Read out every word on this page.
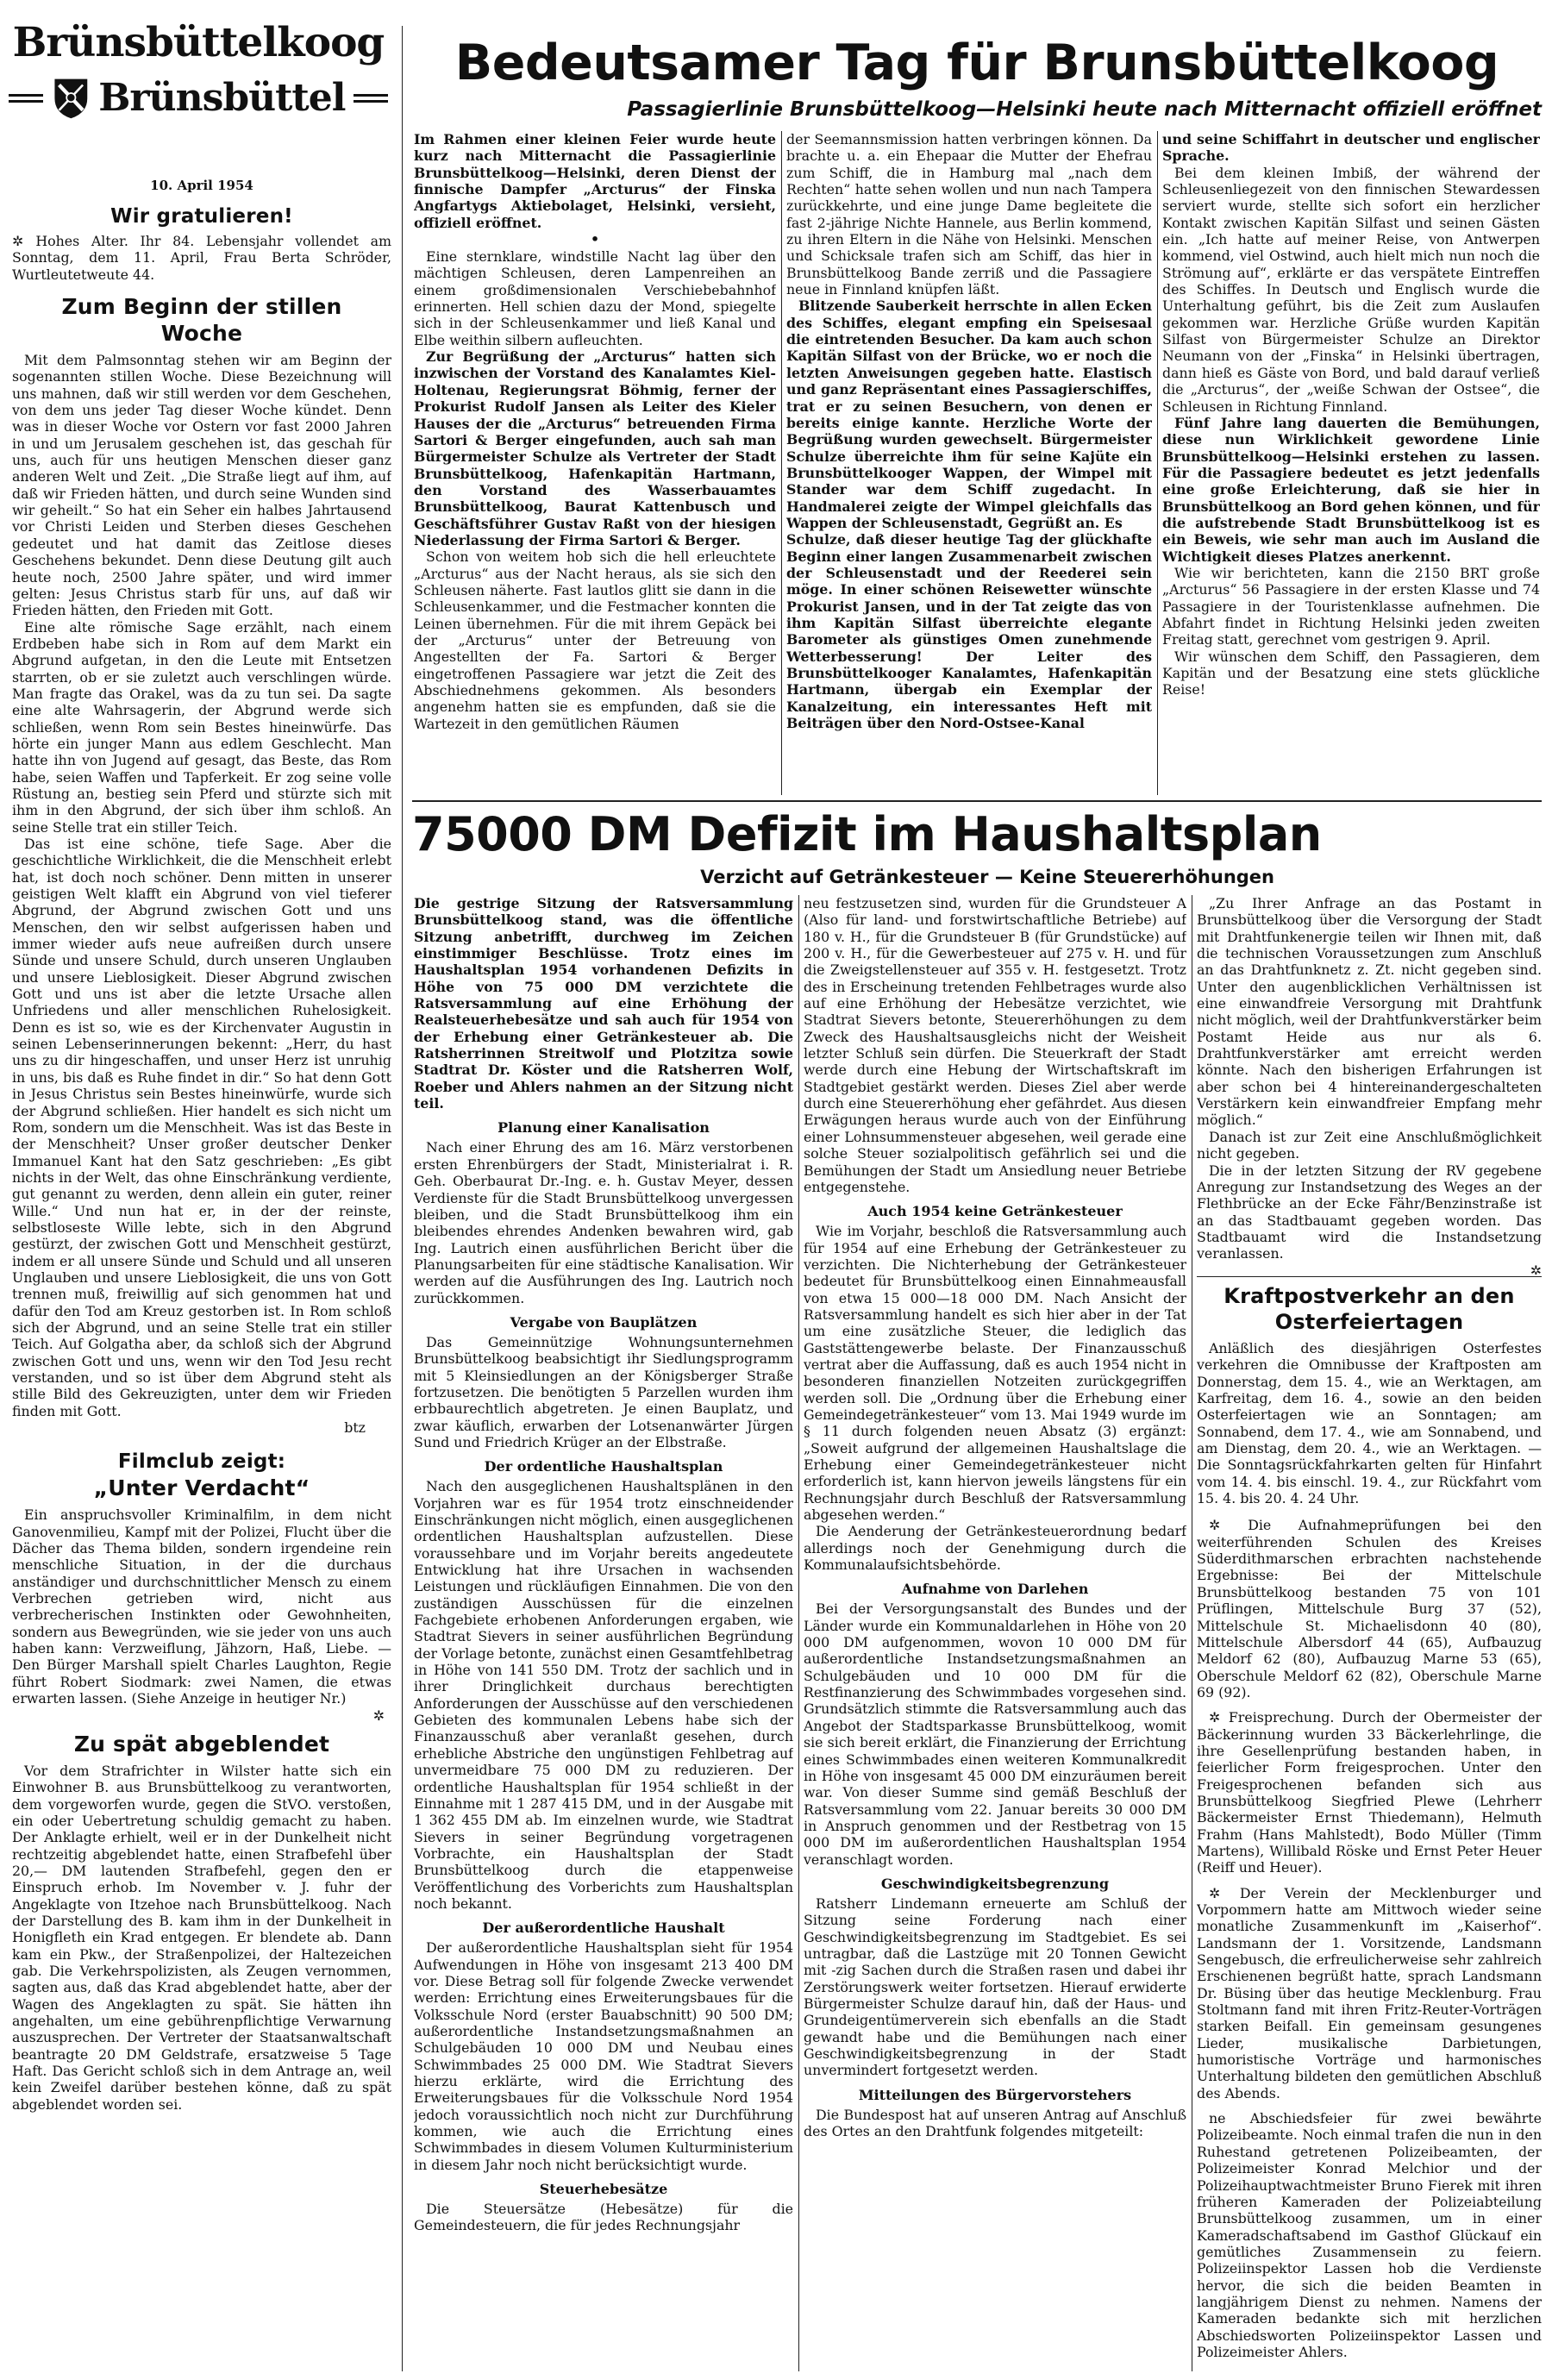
Brünsbüttelkoog
Brünsbüttel
10. April 1954
Wir gratulieren!
✲ Hohes Alter. Ihr 84. Lebensjahr vollendet am Sonntag, dem 11. April, Frau Berta Schröder, Wurtleutetweute 44.
Zum Beginn der stillen Woche
Mit dem Palmsonntag stehen wir am Beginn der sogenannten stillen Woche. Diese Bezeichnung will uns mahnen, daß wir still werden vor dem Geschehen, von dem uns jeder Tag dieser Woche kündet. Denn was in dieser Woche vor Ostern vor fast 2000 Jahren in und um Jerusalem geschehen ist, das geschah für uns, auch für uns heutigen Menschen dieser ganz anderen Welt und Zeit. „Die Straße liegt auf ihm, auf daß wir Frieden hätten, und durch seine Wunden sind wir geheilt.“ So hat ein Seher ein halbes Jahrtausend vor Christi Leiden und Sterben dieses Geschehen gedeutet und hat damit das Zeitlose dieses Geschehens bekundet. Denn diese Deutung gilt auch heute noch, 2500 Jahre später, und wird immer gelten: Jesus Christus starb für uns, auf daß wir Frieden hätten, den Frieden mit Gott.
Eine alte römische Sage erzählt, nach einem Erdbeben habe sich in Rom auf dem Markt ein Abgrund aufgetan, in den die Leute mit Entsetzen starrten, ob er sie zuletzt auch verschlingen würde. Man fragte das Orakel, was da zu tun sei. Da sagte eine alte Wahrsagerin, der Abgrund werde sich schließen, wenn Rom sein Bestes hineinwürfe. Das hörte ein junger Mann aus edlem Geschlecht. Man hatte ihn von Jugend auf gesagt, das Beste, das Rom habe, seien Waffen und Tapferkeit. Er zog seine volle Rüstung an, bestieg sein Pferd und stürzte sich mit ihm in den Abgrund, der sich über ihm schloß. An seine Stelle trat ein stiller Teich.
Das ist eine schöne, tiefe Sage. Aber die geschichtliche Wirklichkeit, die die Menschheit erlebt hat, ist doch noch schöner. Denn mitten in unserer geistigen Welt klafft ein Abgrund von viel tieferer Abgrund, der Abgrund zwischen Gott und uns Menschen, den wir selbst aufgerissen haben und immer wieder aufs neue aufreißen durch unsere Sünde und unsere Schuld, durch unseren Unglauben und unsere Lieblosigkeit. Dieser Abgrund zwischen Gott und uns ist aber die letzte Ursache allen Unfriedens und aller menschlichen Ruhelosigkeit. Denn es ist so, wie es der Kirchenvater Augustin in seinen Lebenserinnerungen bekennt: „Herr, du hast uns zu dir hingeschaffen, und unser Herz ist unruhig in uns, bis daß es Ruhe findet in dir.“ So hat denn Gott in Jesus Christus sein Bestes hineinwürfe, wurde sich der Abgrund schließen. Hier handelt es sich nicht um Rom, sondern um die Menschheit. Was ist das Beste in der Menschheit? Unser großer deutscher Denker Immanuel Kant hat den Satz geschrieben: „Es gibt nichts in der Welt, das ohne Einschränkung verdiente, gut genannt zu werden, denn allein ein guter, reiner Wille.“ Und nun hat er, in der der reinste, selbstloseste Wille lebte, sich in den Abgrund gestürzt, der zwischen Gott und Menschheit gestürzt, indem er all unsere Sünde und Schuld und all unseren Unglauben und unsere Lieblosigkeit, die uns von Gott trennen muß, freiwillig auf sich genommen hat und dafür den Tod am Kreuz gestorben ist. In Rom schloß sich der Abgrund, und an seine Stelle trat ein stiller Teich. Auf Golgatha aber, da schloß sich der Abgrund zwischen Gott und uns, wenn wir den Tod Jesu recht verstanden, und so ist über dem Abgrund steht als stille Bild des Gekreuzigten, unter dem wir Frieden finden mit Gott.
btz
Filmclub zeigt:
„Unter Verdacht“
Ein anspruchsvoller Kriminalfilm, in dem nicht Ganovenmilieu, Kampf mit der Polizei, Flucht über die Dächer das Thema bilden, sondern irgendeine rein menschliche Situation, in der die durchaus anständiger und durchschnittlicher Mensch zu einem Verbrechen getrieben wird, nicht aus verbrecherischen Instinkten oder Gewohnheiten, sondern aus Bewegründen, wie sie jeder von uns auch haben kann: Verzweiflung, Jähzorn, Haß, Liebe. — Den Bürger Marshall spielt Charles Laughton, Regie führt Robert Siodmark: zwei Namen, die etwas erwarten lassen. (Siehe Anzeige in heutiger Nr.)
✲
Zu spät abgeblendet
Vor dem Strafrichter in Wilster hatte sich ein Einwohner B. aus Brunsbüttelkoog zu verantworten, dem vorgeworfen wurde, gegen die StVO. verstoßen, ein oder Uebertretung schuldig gemacht zu haben. Der Anklagte erhielt, weil er in der Dunkelheit nicht rechtzeitig abgeblendet hatte, einen Strafbefehl über 20,— DM lautenden Strafbefehl, gegen den er Einspruch erhob. Im November v. J. fuhr der Angeklagte von Itzehoe nach Brunsbüttelkoog. Nach der Darstellung des B. kam ihm in der Dunkelheit in Honigfleth ein Krad entgegen. Er blendete ab. Dann kam ein Pkw., der Straßenpolizei, der Haltezeichen gab. Die Verkehrspolizisten, als Zeugen vernommen, sagten aus, daß das Krad abgeblendet hatte, aber der Wagen des Angeklagten zu spät. Sie hätten ihn angehalten, um eine gebührenpflichtige Verwarnung auszusprechen. Der Vertreter der Staatsanwaltschaft beantragte 20 DM Geldstrafe, ersatzweise 5 Tage Haft. Das Gericht schloß sich in dem Antrage an, weil kein Zweifel darüber bestehen könne, daß zu spät abgeblendet worden sei.
Bedeutsamer Tag für Brunsbüttelkoog
Passagierlinie Brunsbüttelkoog—Helsinki heute nach Mitternacht offiziell eröffnet
Im Rahmen einer kleinen Feier wurde heute kurz nach Mitternacht die Passagierlinie Brunsbüttelkoog—Helsinki, deren Dienst der finnische Dampfer „Arcturus“ der Finska Angfartygs Aktiebolaget, Helsinki, versieht, offiziell eröffnet.
•
Eine sternklare, windstille Nacht lag über den mächtigen Schleusen, deren Lampenreihen an einem großdimensionalen Verschiebebahnhof erinnerten. Hell schien dazu der Mond, spiegelte sich in der Schleusenkammer und ließ Kanal und Elbe weithin silbern aufleuchten.
Zur Begrüßung der „Arcturus“ hatten sich inzwischen der Vorstand des Kanalamtes Kiel-Holtenau, Regierungsrat Böhmig, ferner der Prokurist Rudolf Jansen als Leiter des Kieler Hauses der die „Arcturus“ betreuenden Firma Sartori & Berger eingefunden, auch sah man Bürgermeister Schulze als Vertreter der Stadt Brunsbüttelkoog, Hafenkapitän Hartmann, den Vorstand des Wasserbauamtes Brunsbüttelkoog, Baurat Kattenbusch und Geschäftsführer Gustav Raßt von der hiesigen Niederlassung der Firma Sartori & Berger.
Schon von weitem hob sich die hell erleuchtete „Arcturus“ aus der Nacht heraus, als sie sich den Schleusen näherte. Fast lautlos glitt sie dann in die Schleusenkammer, und die Festmacher konnten die Leinen übernehmen. Für die mit ihrem Gepäck bei der „Arcturus“ unter der Betreuung von Angestellten der Fa. Sartori & Berger eingetroffenen Passagiere war jetzt die Zeit des Abschiednehmens gekommen. Als besonders angenehm hatten sie es empfunden, daß sie die Wartezeit in den gemütlichen Räumen
der Seemannsmission hatten verbringen können. Da brachte u. a. ein Ehepaar die Mutter der Ehefrau zum Schiff, die in Hamburg mal „nach dem Rechten“ hatte sehen wollen und nun nach Tampera zurückkehrte, und eine junge Dame begleitete die fast 2-jährige Nichte Hannele, aus Berlin kommend, zu ihren Eltern in die Nähe von Helsinki. Menschen und Schicksale trafen sich am Schiff, das hier in Brunsbüttelkoog Bande zerriß und die Passagiere neue in Finnland knüpfen läßt.
Blitzende Sauberkeit herrschte in allen Ecken des Schiffes, elegant empfing ein Speisesaal die eintretenden Besucher. Da kam auch schon Kapitän Silfast von der Brücke, wo er noch die letzten Anweisungen gegeben hatte. Elastisch und ganz Repräsentant eines Passagierschiffes, trat er zu seinen Besuchern, von denen er bereits einige kannte. Herzliche Worte der Begrüßung wurden gewechselt. Bürgermeister Schulze überreichte ihm für seine Kajüte ein Brunsbüttelkooger Wappen, der Wimpel mit Stander war dem Schiff zugedacht. In Handmalerei zeigte der Wimpel gleichfalls das Wappen der Schleusenstadt, Gegrüßt an. Es
Schulze, daß dieser heutige Tag der glückhafte Beginn einer langen Zusammenarbeit zwischen der Schleusenstadt und der Reederei sein möge. In einer schönen Reisewetter wünschte Prokurist Jansen, und in der Tat zeigte das von ihm Kapitän Silfast überreichte elegante Barometer als günstiges Omen zunehmende Wetterbesserung! Der Leiter des Brunsbüttelkooger Kanalamtes, Hafenkapitän Hartmann, übergab ein Exemplar der Kanalzeitung, ein interessantes Heft mit Beiträgen über den Nord-Ostsee-Kanal
und seine Schiffahrt in deutscher und englischer Sprache.
Bei dem kleinen Imbiß, der während der Schleusenliegezeit von den finnischen Stewardessen serviert wurde, stellte sich sofort ein herzlicher Kontakt zwischen Kapitän Silfast und seinen Gästen ein. „Ich hatte auf meiner Reise, von Antwerpen kommend, viel Ostwind, auch hielt mich nun noch die Strömung auf“, erklärte er das verspätete Eintreffen des Schiffes. In Deutsch und Englisch wurde die Unterhaltung geführt, bis die Zeit zum Auslaufen gekommen war. Herzliche Grüße wurden Kapitän Silfast von Bürgermeister Schulze an Direktor Neumann von der „Finska“ in Helsinki übertragen, dann hieß es Gäste von Bord, und bald darauf verließ die „Arcturus“, der „weiße Schwan der Ostsee“, die Schleusen in Richtung Finnland.
Fünf Jahre lang dauerten die Bemühungen, diese nun Wirklichkeit gewordene Linie Brunsbüttelkoog—Helsinki erstehen zu lassen. Für die Passagiere bedeutet es jetzt jedenfalls eine große Erleichterung, daß sie hier in Brunsbüttelkoog an Bord gehen können, und für die aufstrebende Stadt Brunsbüttelkoog ist es ein Beweis, wie sehr man auch im Ausland die Wichtigkeit dieses Platzes anerkennt.
Wie wir berichteten, kann die 2150 BRT große „Arcturus“ 56 Passagiere in der ersten Klasse und 74 Passagiere in der Touristenklasse aufnehmen. Die Abfahrt findet in Richtung Helsinki jeden zweiten Freitag statt, gerechnet vom gestrigen 9. April.
Wir wünschen dem Schiff, den Passagieren, dem Kapitän und der Besatzung eine stets glückliche Reise!
75000 DM Defizit im Haushaltsplan
Verzicht auf Getränkesteuer — Keine Steuererhöhungen
Die gestrige Sitzung der Ratsversammlung Brunsbüttelkoog stand, was die öffentliche Sitzung anbetrifft, durchweg im Zeichen einstimmiger Beschlüsse. Trotz eines im Haushaltsplan 1954 vorhandenen Defizits in Höhe von 75 000 DM verzichtete die Ratsversammlung auf eine Erhöhung der Realsteuerhebesätze und sah auch für 1954 von der Erhebung einer Getränkesteuer ab. Die Ratsherrinnen Streitwolf und Plotzitza sowie Stadtrat Dr. Köster und die Ratsherren Wolf, Roeber und Ahlers nahmen an der Sitzung nicht teil.
Planung einer Kanalisation
Nach einer Ehrung des am 16. März verstorbenen ersten Ehrenbürgers der Stadt, Ministerialrat i. R. Geh. Oberbaurat Dr.-Ing. e. h. Gustav Meyer, dessen Verdienste für die Stadt Brunsbüttelkoog unvergessen bleiben, und die Stadt Brunsbüttelkoog ihm ein bleibendes ehrendes Andenken bewahren wird, gab Ing. Lautrich einen ausführlichen Bericht über die Planungsarbeiten für eine städtische Kanalisation. Wir werden auf die Ausführungen des Ing. Lautrich noch zurückkommen.
Vergabe von Bauplätzen
Das Gemeinnützige Wohnungsunternehmen Brunsbüttelkoog beabsichtigt ihr Siedlungsprogramm mit 5 Kleinsiedlungen an der Königsberger Straße fortzusetzen. Die benötigten 5 Parzellen wurden ihm erbbaurechtlich abgetreten. Je einen Bauplatz, und zwar käuflich, erwarben der Lotsenanwärter Jürgen Sund und Friedrich Krüger an der Elbstraße.
Der ordentliche Haushaltsplan
Nach den ausgeglichenen Haushaltsplänen in den Vorjahren war es für 1954 trotz einschneidender Einschränkungen nicht möglich, einen ausgeglichenen ordentlichen Haushaltsplan aufzustellen. Diese voraussehbare und im Vorjahr bereits angedeutete Entwicklung hat ihre Ursachen in wachsenden Leistungen und rückläufigen Einnahmen. Die von den zuständigen Ausschüssen für die einzelnen Fachgebiete erhobenen Anforderungen ergaben, wie Stadtrat Sievers in seiner ausführlichen Begründung der Vorlage betonte, zunächst einen Gesamtfehlbetrag in Höhe von 141 550 DM. Trotz der sachlich und in ihrer Dringlichkeit durchaus berechtigten Anforderungen der Ausschüsse auf den verschiedenen Gebieten des kommunalen Lebens habe sich der Finanzausschuß aber veranlaßt gesehen, durch erhebliche Abstriche den ungünstigen Fehlbetrag auf unvermeidbare 75 000 DM zu reduzieren. Der ordentliche Haushaltsplan für 1954 schließt in der Einnahme mit 1 287 415 DM, und in der Ausgabe mit 1 362 455 DM ab. Im einzelnen wurde, wie Stadtrat Sievers in seiner Begründung vorgetragenen Vorbrachte, ein Haushaltsplan der Stadt Brunsbüttelkoog durch die etappenweise Veröffentlichung des Vorberichts zum Haushaltsplan noch bekannt.
Der außerordentliche Haushalt
Der außerordentliche Haushaltsplan sieht für 1954 Aufwendungen in Höhe von insgesamt 213 400 DM vor. Diese Betrag soll für folgende Zwecke verwendet werden: Errichtung eines Erweiterungsbaues für die Volksschule Nord (erster Bauabschnitt) 90 500 DM; außerordentliche Instandsetzungsmaßnahmen an Schulgebäuden 10 000 DM und Neubau eines Schwimmbades 25 000 DM. Wie Stadtrat Sievers hierzu erklärte, wird die Errichtung des Erweiterungsbaues für die Volksschule Nord 1954 jedoch voraussichtlich noch nicht zur Durchführung kommen, wie auch die Errichtung eines Schwimmbades in diesem Volumen Kulturministerium in diesem Jahr noch nicht berücksichtigt wurde.
Steuerhebesätze
Die Steuersätze (Hebesätze) für die Gemeindesteuern, die für jedes Rechnungsjahr
neu festzusetzen sind, wurden für die Grundsteuer A (Also für land- und forstwirtschaftliche Betriebe) auf 180 v. H., für die Grundsteuer B (für Grundstücke) auf 200 v. H., für die Gewerbesteuer auf 275 v. H. und für die Zweigstellensteuer auf 355 v. H. festgesetzt. Trotz des in Erscheinung tretenden Fehlbetrages wurde also auf eine Erhöhung der Hebesätze verzichtet, wie Stadtrat Sievers betonte, Steuererhöhungen zu dem Zweck des Haushaltsausgleichs nicht der Weisheit letzter Schluß sein dürfen. Die Steuerkraft der Stadt werde durch eine Hebung der Wirtschaftskraft im Stadtgebiet gestärkt werden. Dieses Ziel aber werde durch eine Steuererhöhung eher gefährdet. Aus diesen Erwägungen heraus wurde auch von der Einführung einer Lohnsummensteuer abgesehen, weil gerade eine solche Steuer sozialpolitisch gefährlich sei und die Bemühungen der Stadt um Ansiedlung neuer Betriebe entgegenstehe.
Auch 1954 keine Getränkesteuer
Wie im Vorjahr, beschloß die Ratsversammlung auch für 1954 auf eine Erhebung der Getränkesteuer zu verzichten. Die Nichterhebung der Getränkesteuer bedeutet für Brunsbüttelkoog einen Einnahmeausfall von etwa 15 000—18 000 DM. Nach Ansicht der Ratsversammlung handelt es sich hier aber in der Tat um eine zusätzliche Steuer, die lediglich das Gaststättengewerbe belaste. Der Finanzausschuß vertrat aber die Auffassung, daß es auch 1954 nicht in besonderen finanziellen Notzeiten zurückgegriffen werden soll. Die „Ordnung über die Erhebung einer Gemeindegetränkesteuer“ vom 13. Mai 1949 wurde im § 11 durch folgenden neuen Absatz (3) ergänzt: „Soweit aufgrund der allgemeinen Haushaltslage die Erhebung einer Gemeindegetränkesteuer nicht erforderlich ist, kann hiervon jeweils längstens für ein Rechnungsjahr durch Beschluß der Ratsversammlung abgesehen werden.“
Die Aenderung der Getränkesteuerordnung bedarf allerdings noch der Genehmigung durch die Kommunalaufsichtsbehörde.
Aufnahme von Darlehen
Bei der Versorgungsanstalt des Bundes und der Länder wurde ein Kommunaldarlehen in Höhe von 20 000 DM aufgenommen, wovon 10 000 DM für außerordentliche Instandsetzungsmaßnahmen an Schulgebäuden und 10 000 DM für die Restfinanzierung des Schwimmbades vorgesehen sind. Grundsätzlich stimmte die Ratsversammlung auch das Angebot der Stadtsparkasse Brunsbüttelkoog, womit sie sich bereit erklärt, die Finanzierung der Errichtung eines Schwimmbades einen weiteren Kommunalkredit in Höhe von insgesamt 45 000 DM einzuräumen bereit war. Von dieser Summe sind gemäß Beschluß der Ratsversammlung vom 22. Januar bereits 30 000 DM in Anspruch genommen und der Restbetrag von 15 000 DM im außerordentlichen Haushaltsplan 1954 veranschlagt worden.
Geschwindigkeitsbegrenzung
Ratsherr Lindemann erneuerte am Schluß der Sitzung seine Forderung nach einer Geschwindigkeitsbegrenzung im Stadtgebiet. Es sei untragbar, daß die Lastzüge mit 20 Tonnen Gewicht mit -zig Sachen durch die Straßen rasen und dabei ihr Zerstörungswerk weiter fortsetzen. Hierauf erwiderte Bürgermeister Schulze darauf hin, daß der Haus- und Grundeigentümerverein sich ebenfalls an die Stadt gewandt habe und die Bemühungen nach einer Geschwindigkeitsbegrenzung in der Stadt unvermindert fortgesetzt werden.
Mitteilungen des Bürgervorstehers
Die Bundespost hat auf unseren Antrag auf Anschluß des Ortes an den Drahtfunk folgendes mitgeteilt:
„Zu Ihrer Anfrage an das Postamt in Brunsbüttelkoog über die Versorgung der Stadt mit Drahtfunkenergie teilen wir Ihnen mit, daß die technischen Voraussetzungen zum Anschluß an das Drahtfunknetz z. Zt. nicht gegeben sind. Unter den augenblicklichen Verhältnissen ist eine einwandfreie Versorgung mit Drahtfunk nicht möglich, weil der Drahtfunkverstärker beim Postamt Heide aus nur als 6. Drahtfunkverstärker amt erreicht werden könnte. Nach den bisherigen Erfahrungen ist aber schon bei 4 hintereinandergeschalteten Verstärkern kein einwandfreier Empfang mehr möglich.“
Danach ist zur Zeit eine Anschlußmöglichkeit nicht gegeben.
Die in der letzten Sitzung der RV gegebene Anregung zur Instandsetzung des Weges an der Flethbrücke an der Ecke Fähr/Benzinstraße ist an das Stadtbauamt gegeben worden. Das Stadtbauamt wird die Instandsetzung veranlassen.
✲
Kraftpostverkehr an den Osterfeiertagen
Anläßlich des diesjährigen Osterfestes verkehren die Omnibusse der Kraftposten am Donnerstag, dem 15. 4., wie an Werktagen, am Karfreitag, dem 16. 4., sowie an den beiden Osterfeiertagen wie an Sonntagen; am Sonnabend, dem 17. 4., wie am Sonnabend, und am Dienstag, dem 20. 4., wie an Werktagen. — Die Sonntagsrückfahrkarten gelten für Hinfahrt vom 14. 4. bis einschl. 19. 4., zur Rückfahrt vom 15. 4. bis 20. 4. 24 Uhr.
✲ Die Aufnahmeprüfungen bei den weiterführenden Schulen des Kreises Süderdithmarschen erbrachten nachstehende Ergebnisse: Bei der Mittelschule Brunsbüttelkoog bestanden 75 von 101 Prüflingen, Mittelschule Burg 37 (52), Mittelschule St. Michaelisdonn 40 (80), Mittelschule Albersdorf 44 (65), Aufbauzug Meldorf 62 (80), Aufbauzug Marne 53 (65), Oberschule Meldorf 62 (82), Oberschule Marne 69 (92).
✲ Freisprechung. Durch der Obermeister der Bäckerinnung wurden 33 Bäckerlehrlinge, die ihre Gesellenprüfung bestanden haben, in feierlicher Form freigesprochen. Unter den Freigesprochenen befanden sich aus Brunsbüttelkoog Siegfried Plewe (Lehrherr Bäckermeister Ernst Thiedemann), Helmuth Frahm (Hans Mahlstedt), Bodo Müller (Timm Martens), Willibald Röske und Ernst Peter Heuer (Reiff und Heuer).
✲ Der Verein der Mecklenburger und Vorpommern hatte am Mittwoch wieder seine monatliche Zusammenkunft im „Kaiserhof“. Landsmann der 1. Vorsitzende, Landsmann Sengebusch, die erfreulicherweise sehr zahlreich Erschienenen begrüßt hatte, sprach Landsmann Dr. Büsing über das heutige Mecklenburg. Frau Stoltmann fand mit ihren Fritz-Reuter-Vorträgen starken Beifall. Ein gemeinsam gesungenes Lieder, musikalische Darbietungen, humoristische Vorträge und harmonisches Unterhaltung bildeten den gemütlichen Abschluß des Abends.
ne Abschiedsfeier für zwei bewährte Polizeibeamte. Noch einmal trafen die nun in den Ruhestand getretenen Polizeibeamten, der Polizeimeister Konrad Melchior und der Polizeihauptwachtmeister Bruno Fierek mit ihren früheren Kameraden der Polizeiabteilung Brunsbüttelkoog zusammen, um in einer Kameradschaftsabend im Gasthof Glückauf ein gemütliches Zusammensein zu feiern. Polizeiinspektor Lassen hob die Verdienste hervor, die sich die beiden Beamten in langjährigem Dienst zu nehmen. Namens der Kameraden bedankte sich mit herzlichen Abschiedsworten Polizeiinspektor Lassen und Polizeimeister Ahlers.
